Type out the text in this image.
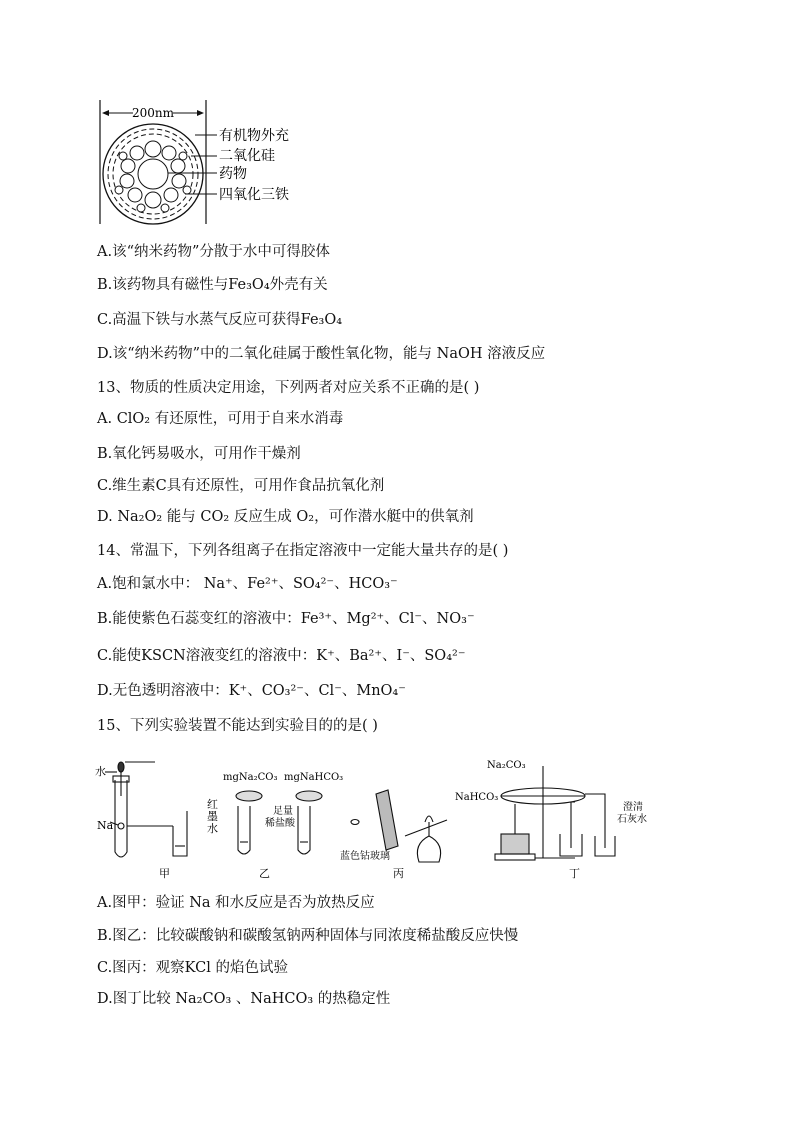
200nm
有机物外充
二氧化硅
药物
四氧化三铁
A.该“纳米药物”分散于水中可得胶体
B.该药物具有磁性与Fe₃O₄外壳有关
C.高温下铁与水蒸气反应可获得Fe₃O₄
D.该“纳米药物”中的二氧化硅属于酸性氧化物，能与 NaOH 溶液反应
13、物质的性质决定用途，下列两者对应关系不正确的是( )
A. ClO₂ 有还原性，可用于自来水消毒
B.氧化钙易吸水，可用作干燥剂
C.维生素C具有还原性，可用作食品抗氧化剂
D. Na₂O₂ 能与 CO₂ 反应生成 O₂，可作潜水艇中的供氧剂
14、常温下，下列各组离子在指定溶液中一定能大量共存的是( )
A.饱和氯水中： Na⁺、Fe²⁺、SO₄²⁻、HCO₃⁻
B.能使紫色石蕊变红的溶液中：Fe³⁺、Mg²⁺、Cl⁻、NO₃⁻
C.能使KSCN溶液变红的溶液中：K⁺、Ba²⁺、I⁻、SO₄²⁻
D.无色透明溶液中：K⁺、CO₃²⁻、Cl⁻、MnO₄⁻
15、下列实验装置不能达到实验目的的是( )
水
Na
红
墨
水
甲
mgNa₂CO₃ mgNaHCO₃
足量
稀盐酸
乙
蓝色钴玻璃
丙
Na₂CO₃
NaHCO₃
澄清
石灰水
丁
A.图甲：验证 Na 和水反应是否为放热反应
B.图乙：比较碳酸钠和碳酸氢钠两种固体与同浓度稀盐酸反应快慢
C.图丙：观察KCl 的焰色试验
D.图丁比较 Na₂CO₃ 、NaHCO₃ 的热稳定性
